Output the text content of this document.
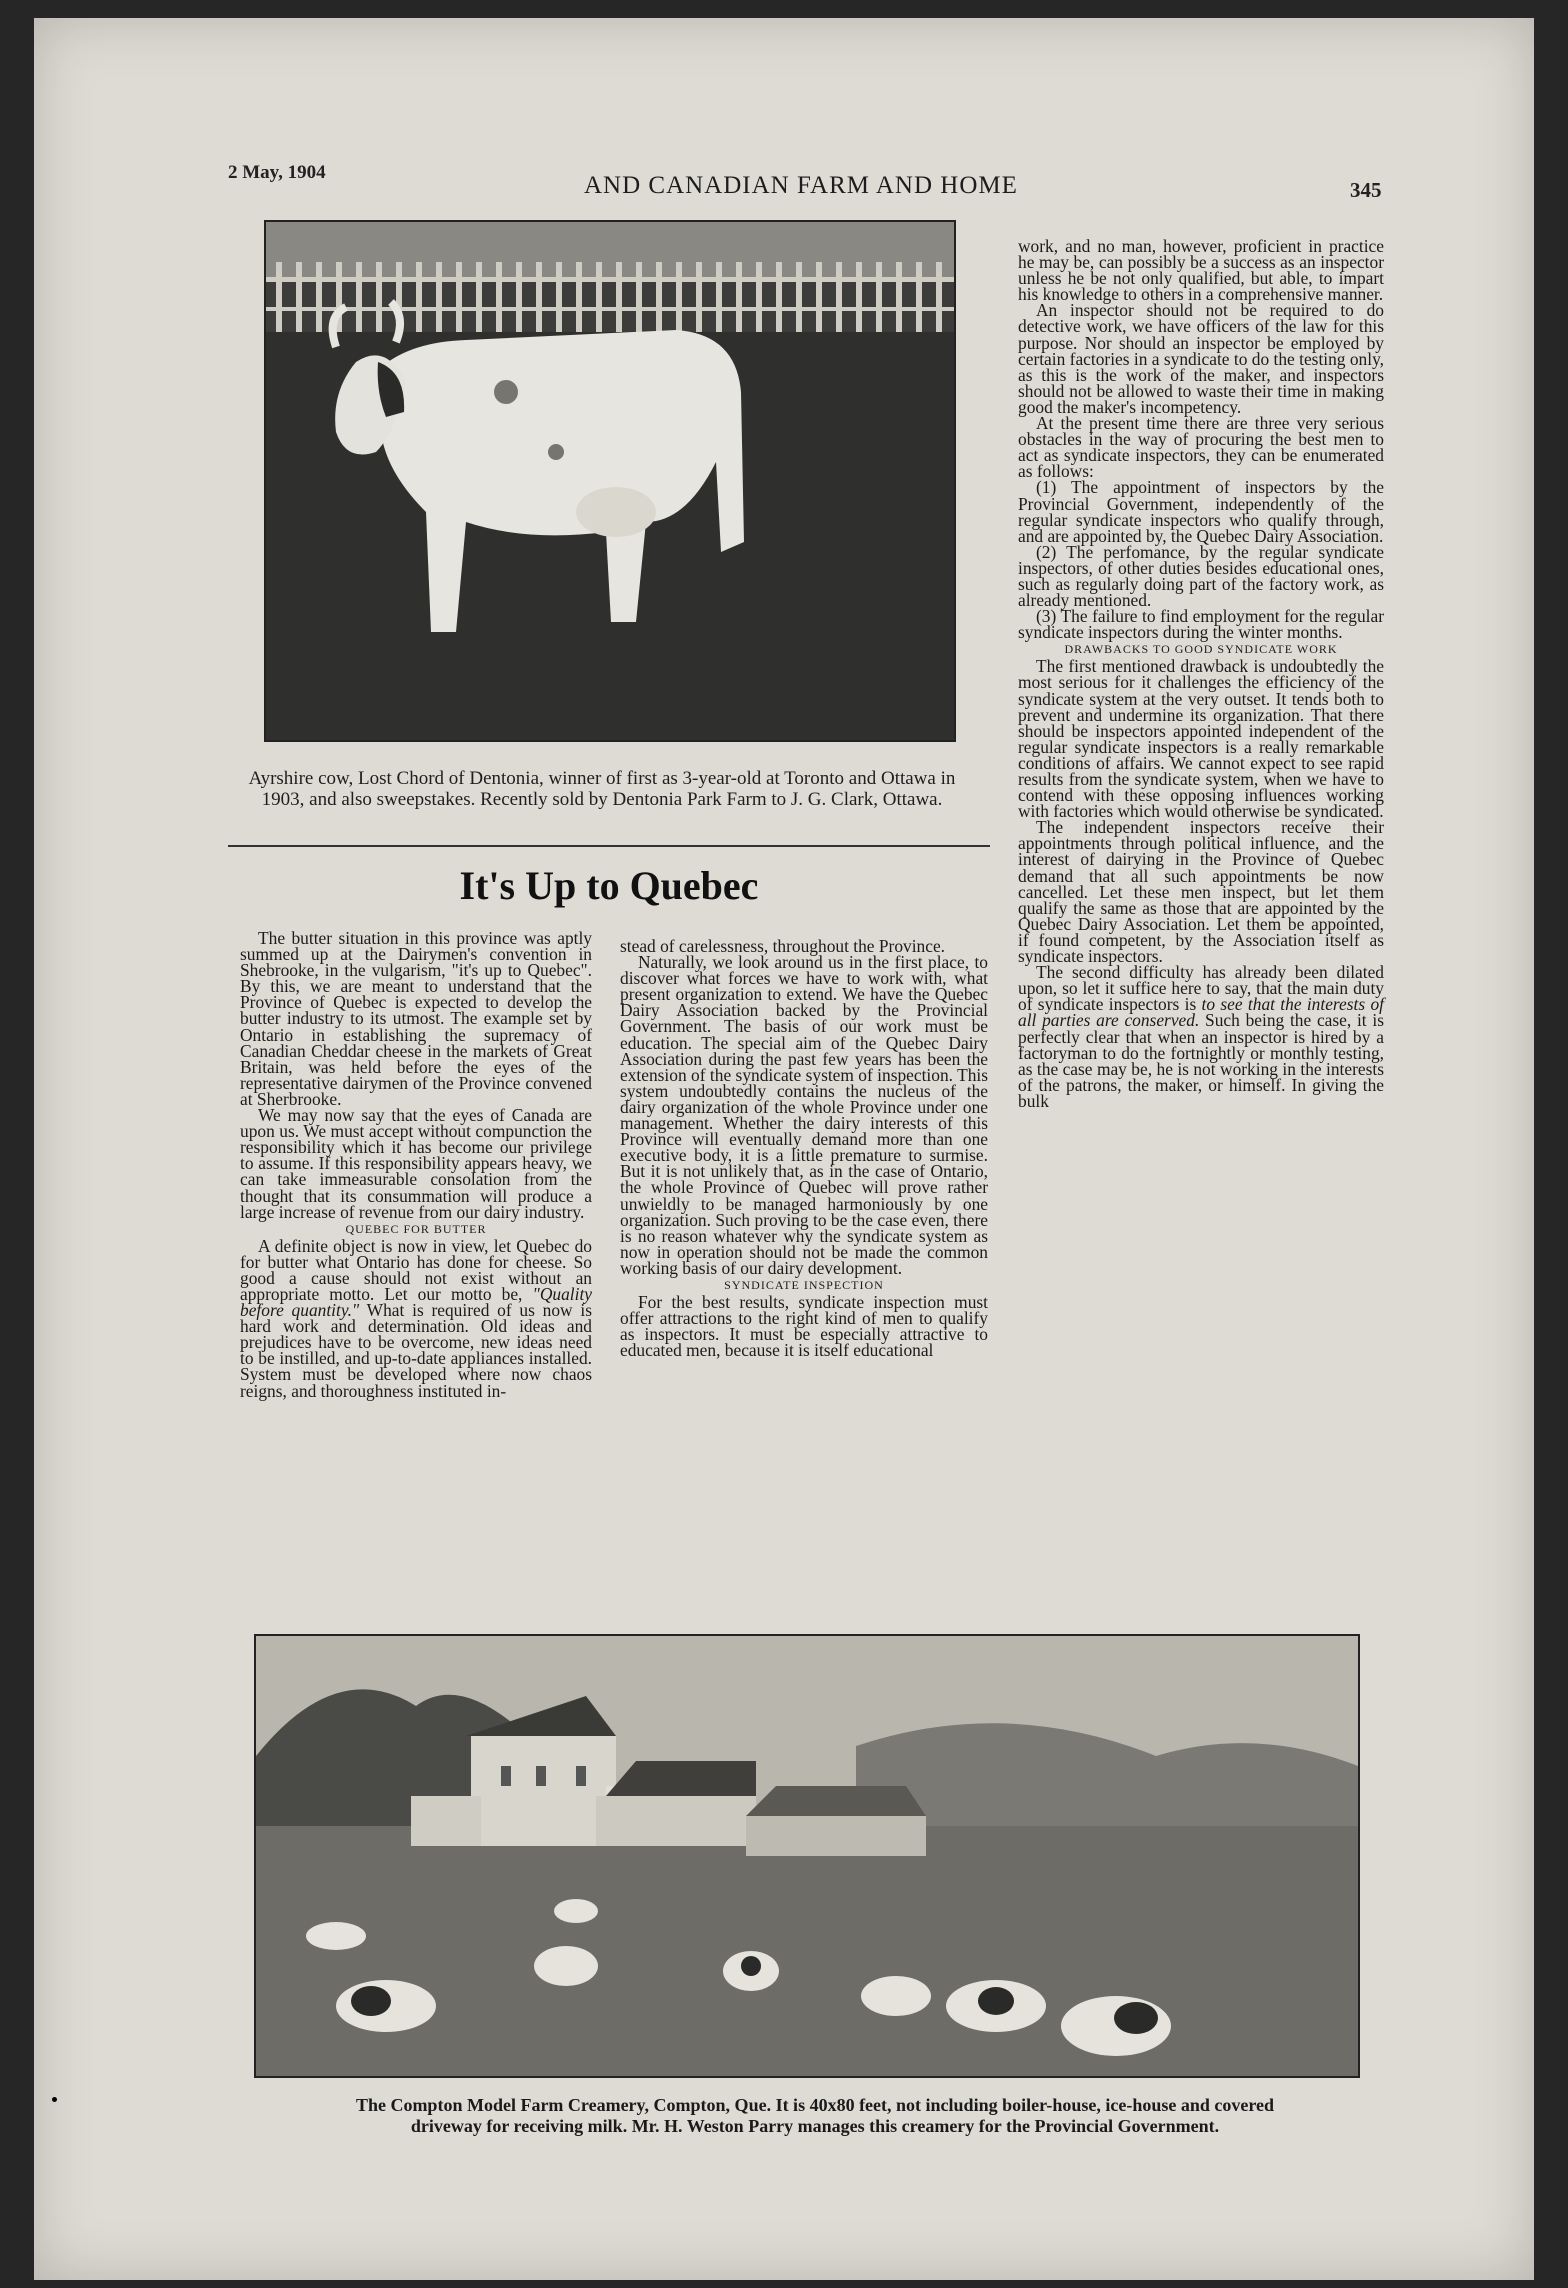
2 May, 1904	AND CANADIAN FARM AND HOME	345
Ayrshire cow, Lost Chord of Dentonia, winner of first as 3-year-old at Toronto and Ottawa in 1903, and also sweepstakes. Recently sold by Dentonia Park Farm to J. G. Clark, Ottawa.
It's Up to Quebec

The butter situation in this province was aptly summed up at the Dairymen's convention in Shebrooke, in the vulgarism, "it's up to Quebec". By this, we are meant to understand that the Province of Quebec is expected to develop the butter industry to its utmost. The example set by Ontario in establishing the supremacy of Canadian Cheddar cheese in the markets of Great Britain, was held before the eyes of the representative dairymen of the Province convened at Sherbrooke.

We may now say that the eyes of Canada are upon us. We must accept without compunction the responsibility which it has become our privilege to assume. If this responsibility appears heavy, we can take immeasurable consolation from the thought that its consummation will produce a large increase of revenue from our dairy industry.

QUEBEC FOR BUTTER

A definite object is now in view, let Quebec do for butter what Ontario has done for cheese. So good a cause should not exist without an appropriate motto. Let our motto be, "Quality before quantity." What is required of us now is hard work and determination. Old ideas and prejudices have to be overcome, new ideas need to be instilled, and up-to-date appliances installed. System must be developed where now chaos reigns, and thoroughness instituted in-

stead of carelessness, throughout the Province.

Naturally, we look around us in the first place, to discover what forces we have to work with, what present organization to extend. We have the Quebec Dairy Association backed by the Provincial Government. The basis of our work must be education. The special aim of the Quebec Dairy Association during the past few years has been the extension of the syndicate system of inspection. This system undoubtedly contains the nucleus of the dairy organization of the whole Province under one management. Whether the dairy interests of this Province will eventually demand more than one executive body, it is a little premature to surmise. But it is not unlikely that, as in the case of Ontario, the whole Province of Quebec will prove rather unwieldly to be managed harmoniously by one organization. Such proving to be the case even, there is no reason whatever why the syndicate system as now in operation should not be made the common working basis of our dairy development.

SYNDICATE INSPECTION

For the best results, syndicate inspection must offer attractions to the right kind of men to qualify as inspectors. It must be especially attractive to educated men, because it is itself educational

work, and no man, however, proficient in practice he may be, can possibly be a success as an inspector unless he be not only qualified, but able, to impart his knowledge to others in a comprehensive manner.

An inspector should not be required to do detective work, we have officers of the law for this purpose. Nor should an inspector be employed by certain factories in a syndicate to do the testing only, as this is the work of the maker, and inspectors should not be allowed to waste their time in making good the maker's incompetency.

At the present time there are three very serious obstacles in the way of procuring the best men to act as syndicate inspectors, they can be enumerated as follows:

(1) The appointment of inspectors by the Provincial Government, independently of the regular syndicate inspectors who qualify through, and are appointed by, the Quebec Dairy Association.

(2) The perfomance, by the regular syndicate inspectors, of other duties besides educational ones, such as regularly doing part of the factory work, as already mentioned.

(3) The failure to find employment for the regular syndicate inspectors during the winter months.

DRAWBACKS TO GOOD SYNDICATE WORK

The first mentioned drawback is undoubtedly the most serious for it challenges the efficiency of the syndicate system at the very outset. It tends both to prevent and undermine its organization. That there should be inspectors appointed independent of the regular syndicate inspectors is a really remarkable conditions of affairs. We cannot expect to see rapid results from the syndicate system, when we have to contend with these opposing influences working with factories which would otherwise be syndicated.

The independent inspectors receive their appointments through political influence, and the interest of dairying in the Province of Quebec demand that all such appointments be now cancelled. Let these men inspect, but let them qualify the same as those that are appointed by the Quebec Dairy Association. Let them be appointed, if found competent, by the Association itself as syndicate inspectors.

The second difficulty has already been dilated upon, so let it suffice here to say, that the main duty of syndicate inspectors is to see that the interests of all parties are conserved. Such being the case, it is perfectly clear that when an inspector is hired by a factoryman to do the fortnightly or monthly testing, as the case may be, he is not working in the interests of the patrons, the maker, or himself. In giving the bulk

The Compton Model Farm Creamery, Compton, Que. It is 40x80 feet, not including boiler-house, ice-house and covered
driveway for receiving milk. Mr. H. Weston Parry manages this creamery for the Provincial Government.
